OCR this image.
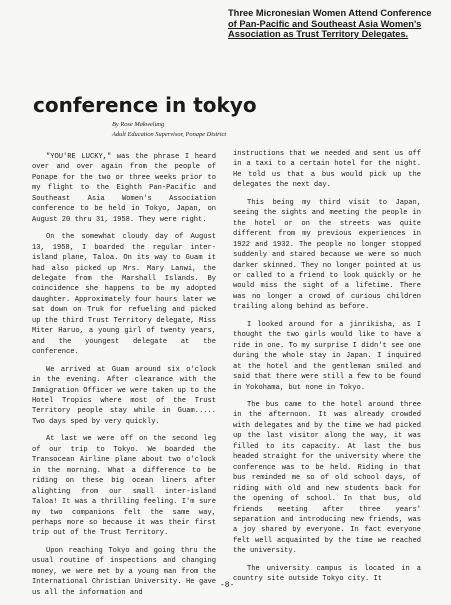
Three Micronesian Women Attend Conference
of Pan-Pacific and Southeast Asia Women's
Association as Trust Territory Delegates.
conference in tokyo
By Rose Makwelung
Adult Education Supervisor, Ponape District

"YOU'RE LUCKY," was the phrase I heard over and over again from the people of Ponape for the two or three weeks prior to my flight to the Eighth Pan-Pacific and Southeast Asia Women's Association conference to be held in Tokyo, Japan, on August 20 thru 31, 1958. They were right.

On the somewhat cloudy day of August 13, 1958, I boarded the regular inter-island plane, Taloa. On its way to Guam it had also picked up Mrs. Mary Lanwi, the delegate from the Marshall Islands. By coincidence she happens to be my adopted daughter. Approximately four hours later we sat down on Truk for refueling and picked up the third Trust Territory delegate, Miss Miter Haruo, a young girl of twenty years, and the youngest delegate at the conference.

We arrived at Guam around six o'clock in the evening. After clearance with the Immigration Officer we were taken up to the Hotel Tropics where most of the Trust Territory people stay while in Guam..... Two days sped by very quickly.

At last we were off on the second leg of our trip to Tokyo. We boarded the Transocean Airline plane about two o'clock in the morning. What a difference to be riding on these big ocean liners after alighting from our small inter-island Taloa! It was a thrilling feeling. I'm sure my two companions felt the same way, perhaps more so because it was their first trip out of the Trust Territory.

Upon reaching Tokyo and going thru the usual routine of inspections and changing money, we were met by a young man from the International Christian University. He gave us all the information and

instructions that we needed and sent us off in a taxi to a certain hotel for the night. He told us that a bus would pick up the delegates the next day.

This being my third visit to Japan, seeing the sights and meeting the people in the hotel or on the streets was quite different from my previous experiences in 1922 and 1932. The people no longer stopped suddenly and stared because we were so much darker skinned. They no longer pointed at us or called to a friend to look quickly or he would miss the sight of a lifetime. There was no longer a crowd of curious children trailing along behind as before.

I looked around for a jinrikisha, as I thought the two girls would like to have a ride in one. To my surprise I didn't see one during the whole stay in Japan. I inquired at the hotel and the gentleman smiled and said that there were still a few to be found in Yokohama, but none in Tokyo.

The bus came to the hotel around three in the afternoon. It was already crowded with delegates and by the time we had picked up the last visitor along the way, it was filled to its capacity. At last the bus headed straight for the university where the conference was to be held. Riding in that bus reminded me so of old school days, of riding with old and new students back for the opening of school. In that bus, old friends meeting after three years' separation and introducing new friends, was a joy shared by everyone. In fact everyone felt well acquainted by the time we reached the university.

The university campus is located in a country site outside Tokyo city. It

-8-
